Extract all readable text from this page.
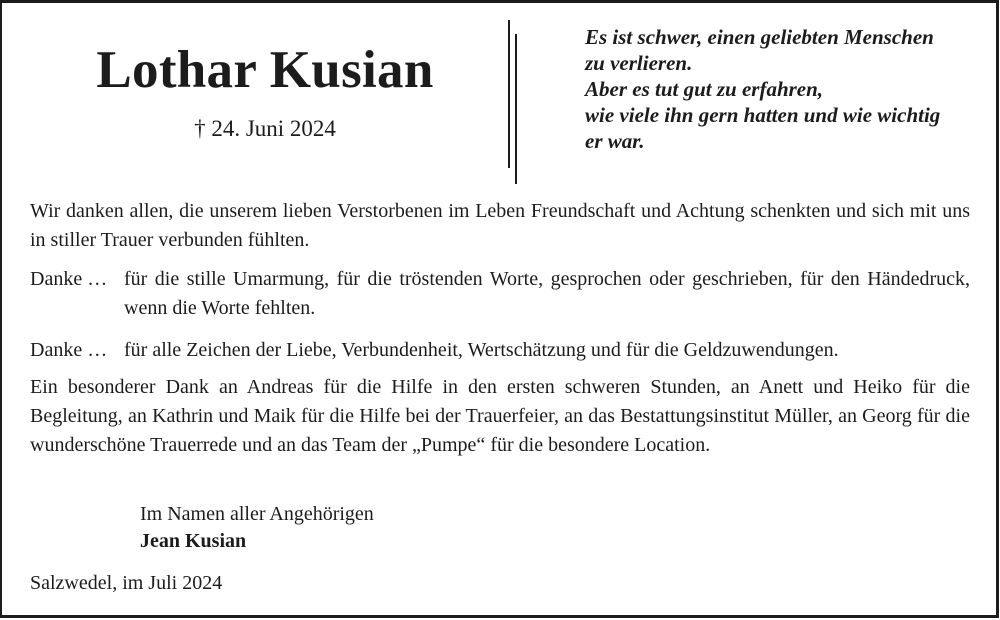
Lothar Kusian
† 24. Juni 2024
Es ist schwer, einen geliebten Menschen
zu verlieren.
Aber es tut gut zu erfahren,
wie viele ihn gern hatten und wie wichtig
er war.
Wir danken allen, die unserem lieben Verstorbenen im Leben Freundschaft und Achtung schenkten und sich mit uns in stiller Trauer verbunden fühlten.
Danke … für die stille Umarmung, für die tröstenden Worte, gesprochen oder geschrieben, für den Händedruck, wenn die Worte fehlten.
Danke … für alle Zeichen der Liebe, Verbundenheit, Wertschätzung und für die Geldzuwendungen.
Ein besonderer Dank an Andreas für die Hilfe in den ersten schweren Stunden, an Anett und Heiko für die Begleitung, an Kathrin und Maik für die Hilfe bei der Trauerfeier, an das Bestattungsinstitut Müller, an Georg für die wunderschöne Trauerrede und an das Team der „Pumpe“ für die besondere Location.
Im Namen aller Angehörigen
Jean Kusian
Salzwedel, im Juli 2024
